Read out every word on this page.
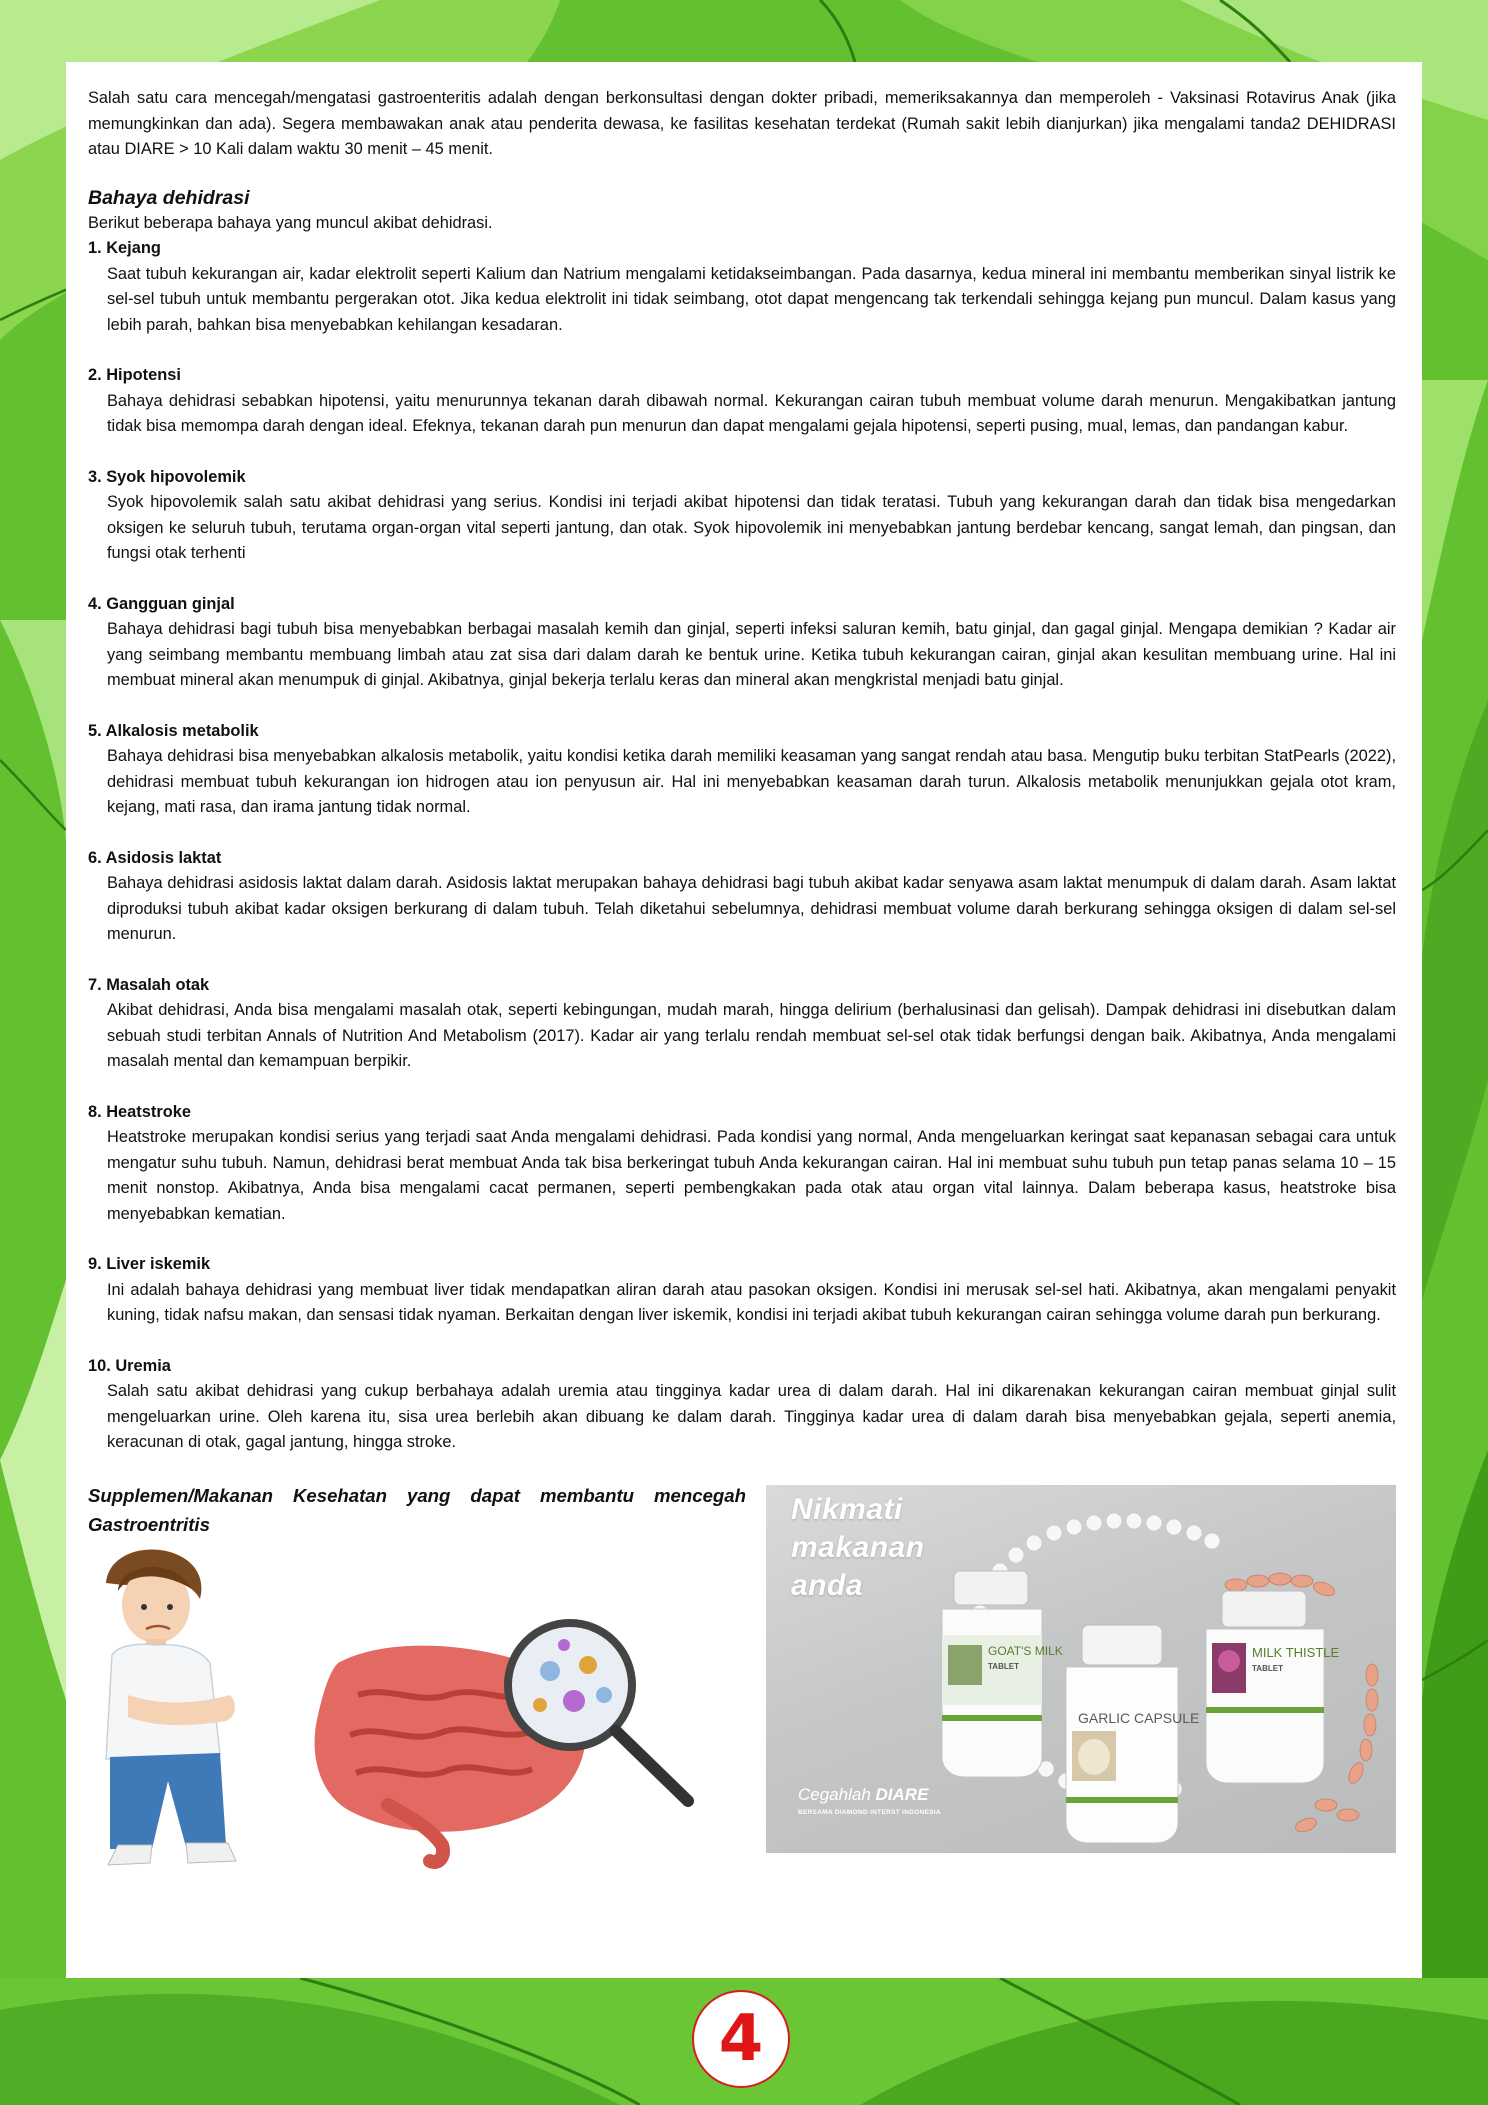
Salah satu cara mencegah/mengatasi gastroenteritis adalah dengan berkonsultasi dengan dokter pribadi, memeriksakannya dan memperoleh - Vaksinasi Rotavirus Anak (jika memungkinkan dan ada). Segera membawakan anak atau penderita dewasa, ke fasilitas kesehatan terdekat (Rumah sakit lebih dianjurkan) jika mengalami tanda2 DEHIDRASI atau DIARE > 10 Kali dalam waktu 30 menit – 45 menit.

Bahaya dehidrasi
Berikut beberapa bahaya yang muncul akibat dehidrasi.
1. Kejang
Saat tubuh kekurangan air, kadar elektrolit seperti Kalium dan Natrium mengalami ketidakseimbangan. Pada dasarnya, kedua mineral ini membantu memberikan sinyal listrik ke sel-sel tubuh untuk membantu pergerakan otot. Jika kedua elektrolit ini tidak seimbang, otot dapat mengencang tak terkendali sehingga kejang pun muncul. Dalam kasus yang lebih parah, bahkan bisa menyebabkan kehilangan kesadaran.
2. Hipotensi
Bahaya dehidrasi sebabkan hipotensi, yaitu menurunnya tekanan darah dibawah normal. Kekurangan cairan tubuh membuat volume darah menurun. Mengakibatkan jantung tidak bisa memompa darah dengan ideal. Efeknya, tekanan darah pun menurun dan dapat mengalami gejala hipotensi, seperti pusing, mual, lemas, dan pandangan kabur.
3. Syok hipovolemik
Syok hipovolemik salah satu akibat dehidrasi yang serius. Kondisi ini terjadi akibat hipotensi dan tidak teratasi. Tubuh yang kekurangan darah dan tidak bisa mengedarkan oksigen ke seluruh tubuh, terutama organ-organ vital seperti jantung, dan otak. Syok hipovolemik ini menyebabkan jantung berdebar kencang, sangat lemah, dan pingsan, dan fungsi otak terhenti
4. Gangguan ginjal
Bahaya dehidrasi bagi tubuh bisa menyebabkan berbagai masalah kemih dan ginjal, seperti infeksi saluran kemih, batu ginjal, dan gagal ginjal. Mengapa demikian ? Kadar air yang seimbang membantu membuang limbah atau zat sisa dari dalam darah ke bentuk urine. Ketika tubuh kekurangan cairan, ginjal akan kesulitan membuang urine. Hal ini membuat mineral akan menumpuk di ginjal. Akibatnya, ginjal bekerja terlalu keras dan mineral akan mengkristal menjadi batu ginjal.
5. Alkalosis metabolik
Bahaya dehidrasi bisa menyebabkan alkalosis metabolik, yaitu kondisi ketika darah memiliki keasaman yang sangat rendah atau basa. Mengutip buku terbitan StatPearls (2022), dehidrasi membuat tubuh kekurangan ion hidrogen atau ion penyusun air. Hal ini menyebabkan keasaman darah turun. Alkalosis metabolik menunjukkan gejala otot kram, kejang, mati rasa, dan irama jantung tidak normal.
6. Asidosis laktat
Bahaya dehidrasi asidosis laktat dalam darah. Asidosis laktat merupakan bahaya dehidrasi bagi tubuh akibat kadar senyawa asam laktat menumpuk di dalam darah. Asam laktat diproduksi tubuh akibat kadar oksigen berkurang di dalam tubuh. Telah diketahui sebelumnya, dehidrasi membuat volume darah berkurang sehingga oksigen di dalam sel-sel menurun.
7. Masalah otak
Akibat dehidrasi, Anda bisa mengalami masalah otak, seperti kebingungan, mudah marah, hingga delirium (berhalusinasi dan gelisah). Dampak dehidrasi ini disebutkan dalam sebuah studi terbitan Annals of Nutrition And Metabolism (2017). Kadar air yang terlalu rendah membuat sel-sel otak tidak berfungsi dengan baik. Akibatnya, Anda mengalami masalah mental dan kemampuan berpikir.
8. Heatstroke
Heatstroke merupakan kondisi serius yang terjadi saat Anda mengalami dehidrasi. Pada kondisi yang normal, Anda mengeluarkan keringat saat kepanasan sebagai cara untuk mengatur suhu tubuh. Namun, dehidrasi berat membuat Anda tak bisa berkeringat tubuh Anda kekurangan cairan. Hal ini membuat suhu tubuh pun tetap panas selama 10 – 15 menit nonstop. Akibatnya, Anda bisa mengalami cacat permanen, seperti pembengkakan pada otak atau organ vital lainnya. Dalam beberapa kasus, heatstroke bisa menyebabkan kematian.
9. Liver iskemik
Ini adalah bahaya dehidrasi yang membuat liver tidak mendapatkan aliran darah atau pasokan oksigen. Kondisi ini merusak sel-sel hati. Akibatnya, akan mengalami penyakit kuning, tidak nafsu makan, dan sensasi tidak nyaman. Berkaitan dengan liver iskemik, kondisi ini terjadi akibat tubuh kekurangan cairan sehingga volume darah pun berkurang.
10. Uremia
Salah satu akibat dehidrasi yang cukup berbahaya adalah uremia atau tingginya kadar urea di dalam darah. Hal ini dikarenakan kekurangan cairan membuat ginjal sulit mengeluarkan urine. Oleh karena itu, sisa urea berlebih akan dibuang ke dalam darah. Tingginya kadar urea di dalam darah bisa menyebabkan gejala, seperti anemia, keracunan di otak, gagal jantung, hingga stroke.
Supplemen/Makanan Kesehatan yang dapat membantu mencegah Gastroentritis
GOAT'S MILK
TABLET
MILK THISTLE
TABLET
GARLIC CAPSULE
Nikmati
makanan
anda
Cegahlah DIARE
BERSAMA DIAMOND INTERST INDONESIA
4
